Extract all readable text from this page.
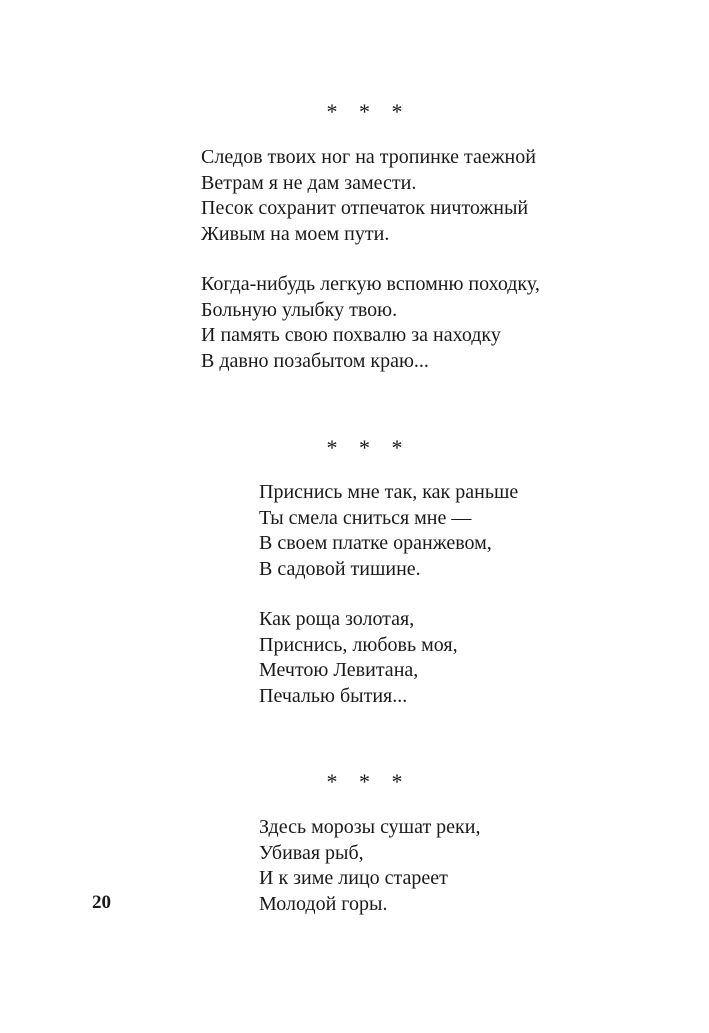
* * *
Следов твоих ног на тропинке таежной
Ветрам я не дам замести.
Песок сохранит отпечаток ничтожный
Живым на моем пути.
Когда-нибудь легкую вспомню походку,
Больную улыбку твою.
И память свою похвалю за находку
В давно позабытом краю...
* * *
Приснись мне так, как раньше
Ты смела сниться мне —
В своем платке оранжевом,
В садовой тишине.
Как роща золотая,
Приснись, любовь моя,
Мечтою Левитана,
Печалью бытия...
* * *
Здесь морозы сушат реки,
Убивая рыб,
И к зиме лицо стареет
Молодой горы.
20
